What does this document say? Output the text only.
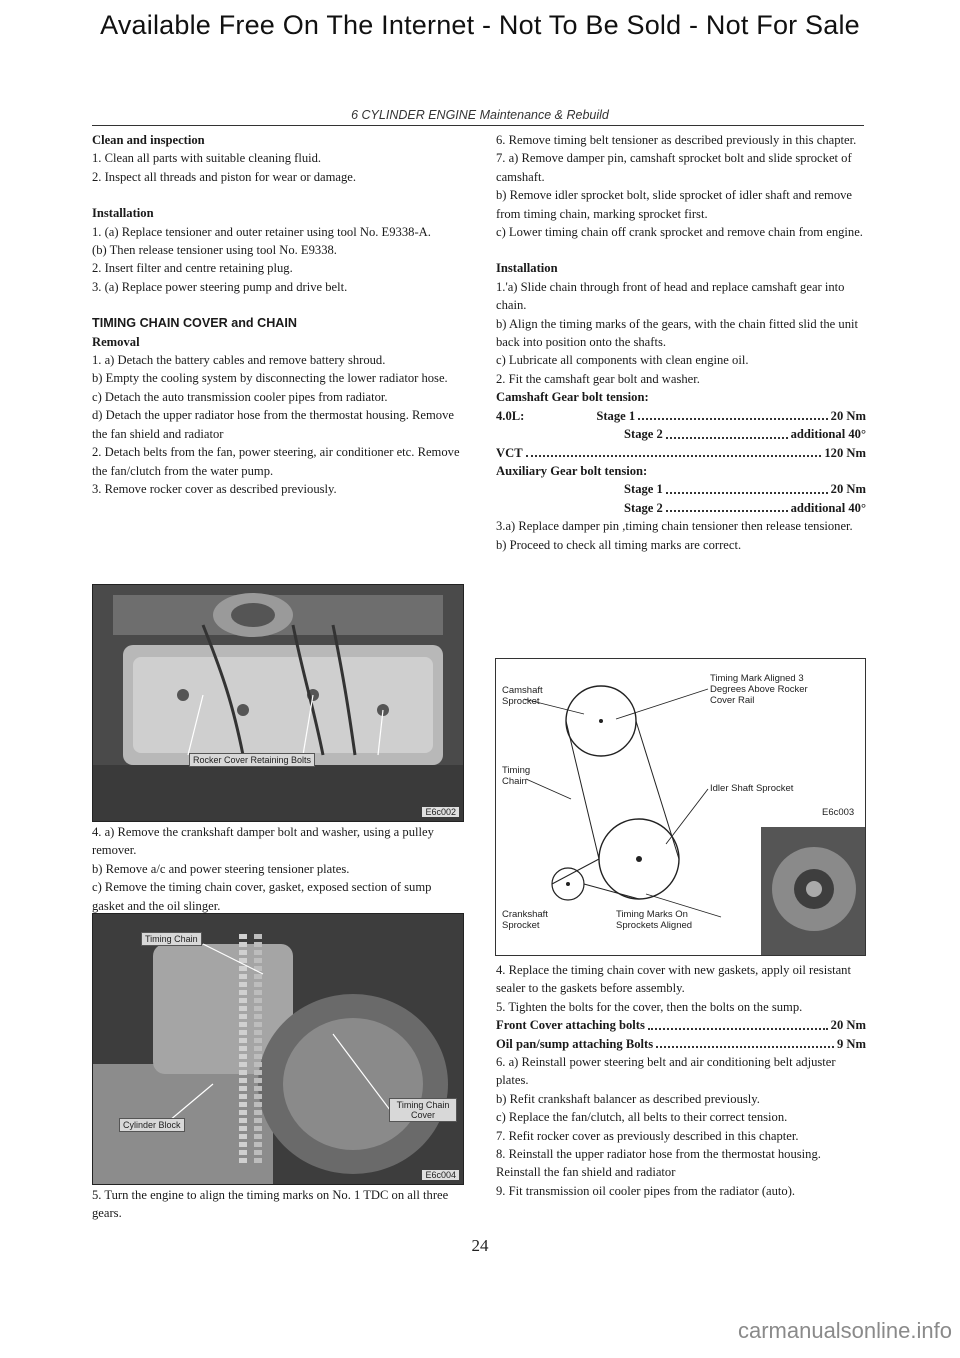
Available Free On The Internet - Not To Be Sold - Not For Sale
6 CYLINDER ENGINE Maintenance & Rebuild

Clean and inspection

1. Clean all parts with suitable cleaning fluid.

2. Inspect all threads and piston for wear or damage.

Installation

1. (a) Replace tensioner and outer retainer using tool No. E9338-A.

(b) Then release tensioner using tool No. E9338.

2. Insert filter and centre retaining plug.

3. (a) Replace power steering pump and drive belt.

TIMING CHAIN COVER and CHAIN

Removal

1. a) Detach the battery cables and remove battery shroud.

b) Empty the cooling system by disconnecting the lower radiator hose.

c) Detach the auto transmission cooler pipes from radiator.

d) Detach the upper radiator hose from the thermostat housing. Remove the fan shield and radiator

2. Detach belts from the fan, power steering, air conditioner etc. Remove the fan/clutch from the water pump.

3. Remove rocker cover as described previously.

Rocker Cover Retaining Bolts
E6c002

4. a) Remove the crankshaft damper bolt and washer, using a pulley remover.

b) Remove a/c and power steering tensioner plates.

c) Remove the timing chain cover, gasket, exposed section of sump gasket and the oil slinger.

Timing Chain
Timing Chain Cover
Cylinder Block
E6c004

5. Turn the engine to align the timing marks on No. 1 TDC on all three gears.

6. Remove timing belt tensioner as described previously in this chapter.

7. a) Remove damper pin, camshaft sprocket bolt and slide sprocket of camshaft.

b) Remove idler sprocket bolt, slide sprocket of idler shaft and remove from timing chain, marking sprocket first.

c) Lower timing chain off crank sprocket and remove chain from engine.

Installation

1.'a) Slide chain through front of head and replace camshaft gear into chain.

b) Align the timing marks of the gears, with the chain fitted slid the unit back into position onto the shafts.

c) Lubricate all components with clean engine oil.

2. Fit the camshaft gear bolt and washer.

Camshaft Gear bolt tension:

4.0L:	Stage 1	20 Nm
Stage 2	additional 40°
VCT	120 Nm

Auxiliary Gear bolt tension:

Stage 1	20 Nm
Stage 2	additional 40°

3.a) Replace damper pin ,timing chain tensioner then release tensioner.

b) Proceed to check all timing marks are correct.

Camshaft Sprocket
Timing Mark Aligned 3 Degrees Above Rocker Cover Rail
Timing Chain
Idler Shaft Sprocket
E6c003
Crankshaft Sprocket
Timing Marks On Sprockets Aligned

4. Replace the timing chain cover with new gaskets, apply oil resistant sealer to the gaskets before assembly.

5. Tighten the bolts for the cover, then the bolts on the sump.

Front Cover attaching bolts	20 Nm
Oil pan/sump attaching Bolts	9 Nm

6. a) Reinstall power steering belt and air conditioning belt adjuster plates.

b) Refit crankshaft balancer as described previously.

c) Replace the fan/clutch, all belts to their correct tension.

7. Refit rocker cover as previously described in this chapter.

8. Reinstall the upper radiator hose from the thermostat housing. Reinstall the fan shield and radiator

9. Fit transmission oil cooler pipes from the radiator (auto).

24
carmanualsonline.info
